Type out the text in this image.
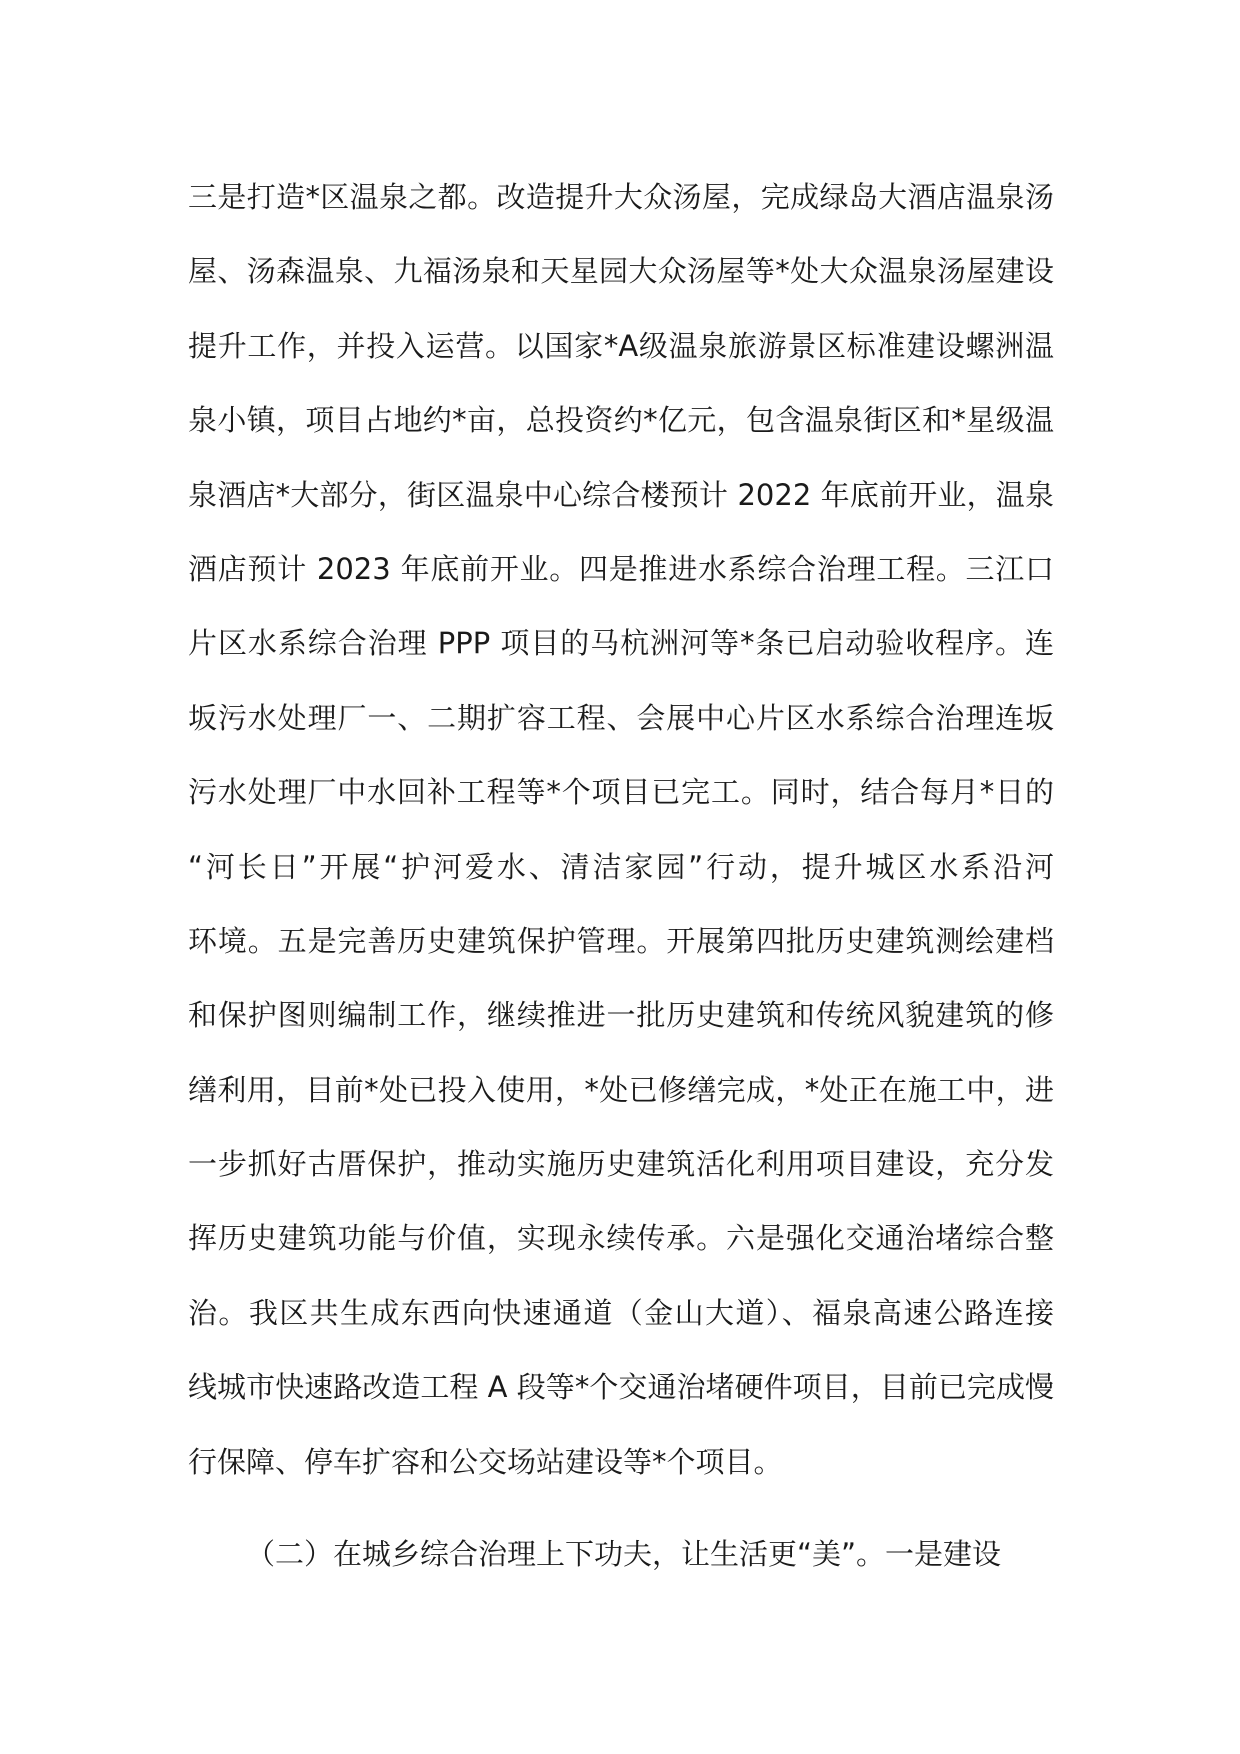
三是打造*区温泉之都。改造提升大众汤屋，完成绿岛大酒店温泉汤
屋、汤森温泉、九福汤泉和天星园大众汤屋等*处大众温泉汤屋建设
提升工作，并投入运营。以国家*A级温泉旅游景区标准建设螺洲温
泉小镇，项目占地约*亩，总投资约*亿元，包含温泉街区和*星级温
泉酒店*大部分，街区温泉中心综合楼预计 2022 年底前开业，温泉
酒店预计 2023 年底前开业。四是推进水系综合治理工程。三江口
片区水系综合治理 PPP 项目的马杭洲河等*条已启动验收程序。连
坂污水处理厂一、二期扩容工程、会展中心片区水系综合治理连坂
污水处理厂中水回补工程等*个项目已完工。同时，结合每月*日的
“河长日”开展“护河爱水、清洁家园”行动，提升城区水系沿河
环境。五是完善历史建筑保护管理。开展第四批历史建筑测绘建档
和保护图则编制工作，继续推进一批历史建筑和传统风貌建筑的修
缮利用，目前*处已投入使用，*处已修缮完成，*处正在施工中，进
一步抓好古厝保护，推动实施历史建筑活化利用项目建设，充分发
挥历史建筑功能与价值，实现永续传承。六是强化交通治堵综合整
治。我区共生成东西向快速通道（金山大道）、福泉高速公路连接
线城市快速路改造工程 A 段等*个交通治堵硬件项目，目前已完成慢
行保障、停车扩容和公交场站建设等*个项目。
（二）在城乡综合治理上下功夫，让生活更“美”。一是建设
